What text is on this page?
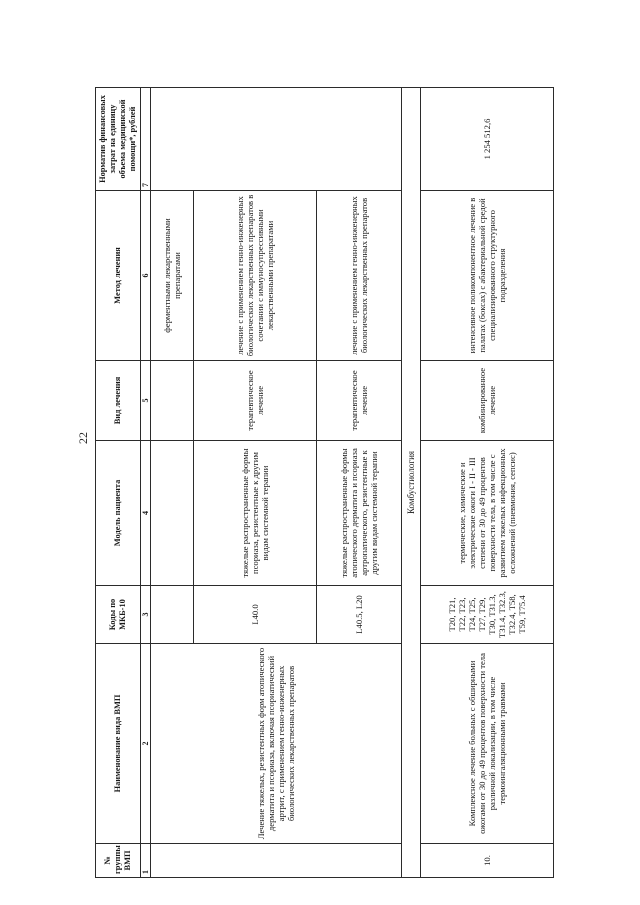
22
№ группы ВМП	Наименование вида ВМП	Коды по МКБ-10	Модель пациента	Вид лечения	Метод лечения	Норматив финансовых затрат на единицу объема медицинской помощи*, рублей
1	2	3	4	5	6	7
	Лечение тяжелых, резистентных форм атопического дерматита и псориаза, включая псориатический артрит, с применением генно-инженерных биологических лекарственных препаратов				ферментными лекарственными препаратами	
		L40.0	тяжелые распространенные формы псориаза, резистентные к другим видам системной терапии	терапевтическое лечение	лечение с применением генно-инженерных биологических лекарственных препаратов в сочетании с иммуносупрессивными лекарственными препаратами	
		L40.5, L20	тяжелые распространенные формы атопического дерматита и псориаза артропатического, резистентные к другим видам системной терапии	терапевтическое лечение	лечение с применением генно-инженерных биологических лекарственных препаратов	
Комбустиология						
10.	Комплексное лечение больных с обширными ожогами от 30 до 49 процентов поверхности тела различной локализации, в том числе термоингаляционными травмами	T20, T21, T22, T23, T24, T25, T27, T29, T30, T31.3, T31.4, T32.3, T32.4, T58, T59, T75.4	термические, химические и электрические ожоги I - II - III степени от 30 до 49 процентов поверхности тела, в том числе с развитием тяжелых инфекционных осложнений (пневмония, сепсис)	комбинированное лечение	интенсивное поликомпонентное лечение в палатах (боксах) с абактериальной средой специализированного структурного подразделения	1 254 512,6
